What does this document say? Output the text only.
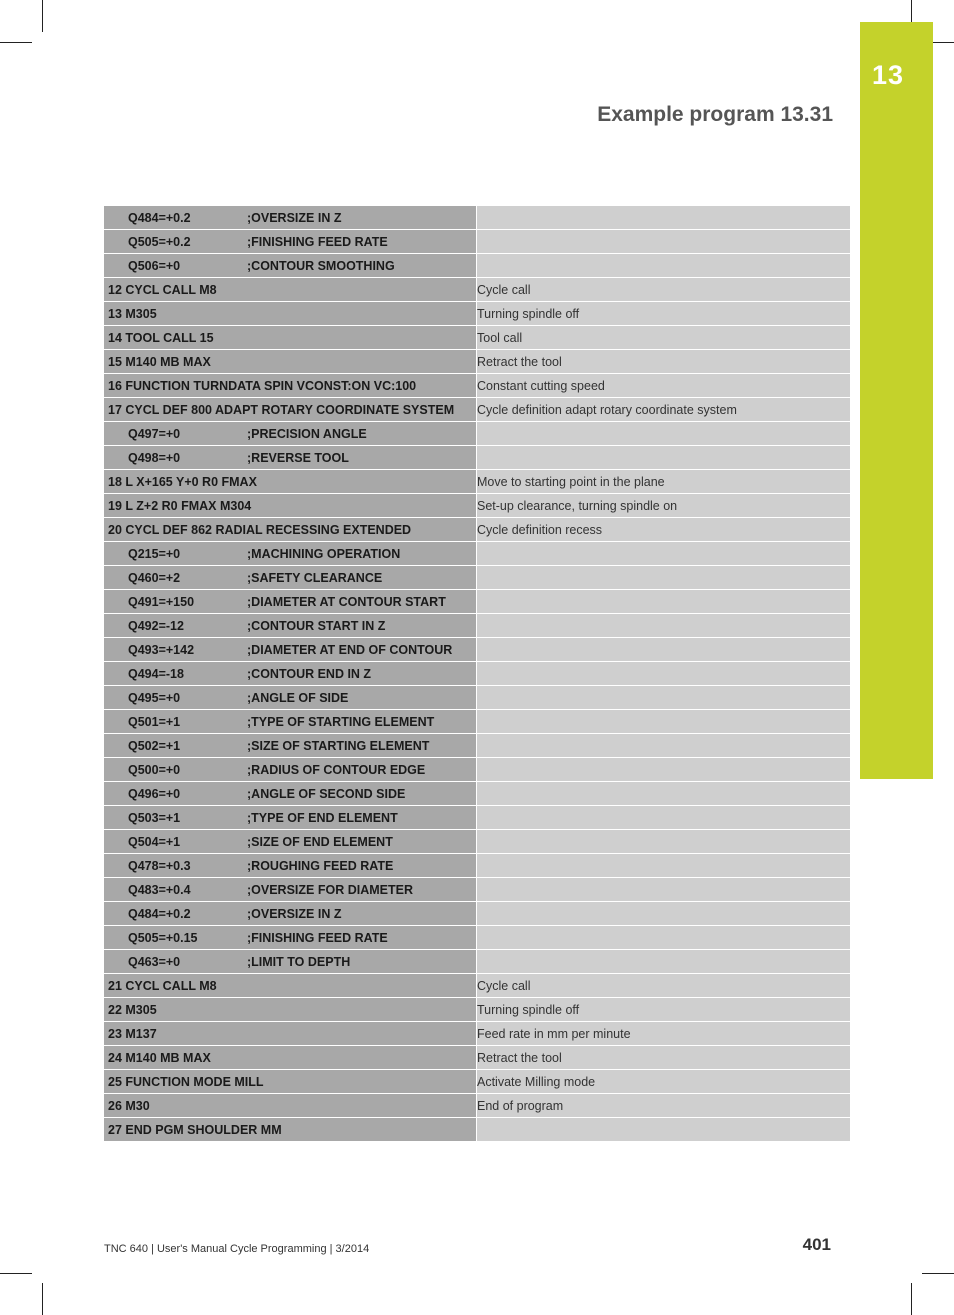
13
Example program 13.31
Q484=+0.2 ;OVERSIZE IN Z	
Q505=+0.2 ;FINISHING FEED RATE	
Q506=+0 ;CONTOUR SMOOTHING	
12 CYCL CALL M8	Cycle call
13 M305	Turning spindle off
14 TOOL CALL 15	Tool call
15 M140 MB MAX	Retract the tool
16 FUNCTION TURNDATA SPIN VCONST:ON VC:100	Constant cutting speed
17 CYCL DEF 800 ADAPT ROTARY COORDINATE SYSTEM	Cycle definition adapt rotary coordinate system
Q497=+0 ;PRECISION ANGLE	
Q498=+0 ;REVERSE TOOL	
18 L X+165 Y+0 R0 FMAX	Move to starting point in the plane
19 L Z+2 R0 FMAX M304	Set-up clearance, turning spindle on
20 CYCL DEF 862 RADIAL RECESSING EXTENDED	Cycle definition recess
Q215=+0 ;MACHINING OPERATION	
Q460=+2 ;SAFETY CLEARANCE	
Q491=+150 ;DIAMETER AT CONTOUR START	
Q492=-12 ;CONTOUR START IN Z	
Q493=+142 ;DIAMETER AT END OF CONTOUR	
Q494=-18 ;CONTOUR END IN Z	
Q495=+0 ;ANGLE OF SIDE	
Q501=+1 ;TYPE OF STARTING ELEMENT	
Q502=+1 ;SIZE OF STARTING ELEMENT	
Q500=+0 ;RADIUS OF CONTOUR EDGE	
Q496=+0 ;ANGLE OF SECOND SIDE	
Q503=+1 ;TYPE OF END ELEMENT	
Q504=+1 ;SIZE OF END ELEMENT	
Q478=+0.3 ;ROUGHING FEED RATE	
Q483=+0.4 ;OVERSIZE FOR DIAMETER	
Q484=+0.2 ;OVERSIZE IN Z	
Q505=+0.15 ;FINISHING FEED RATE	
Q463=+0 ;LIMIT TO DEPTH	
21 CYCL CALL M8	Cycle call
22 M305	Turning spindle off
23 M137	Feed rate in mm per minute
24 M140 MB MAX	Retract the tool
25 FUNCTION MODE MILL	Activate Milling mode
26 M30	End of program
27 END PGM SHOULDER MM	
TNC 640 | User's Manual Cycle Programming | 3/2014	401
